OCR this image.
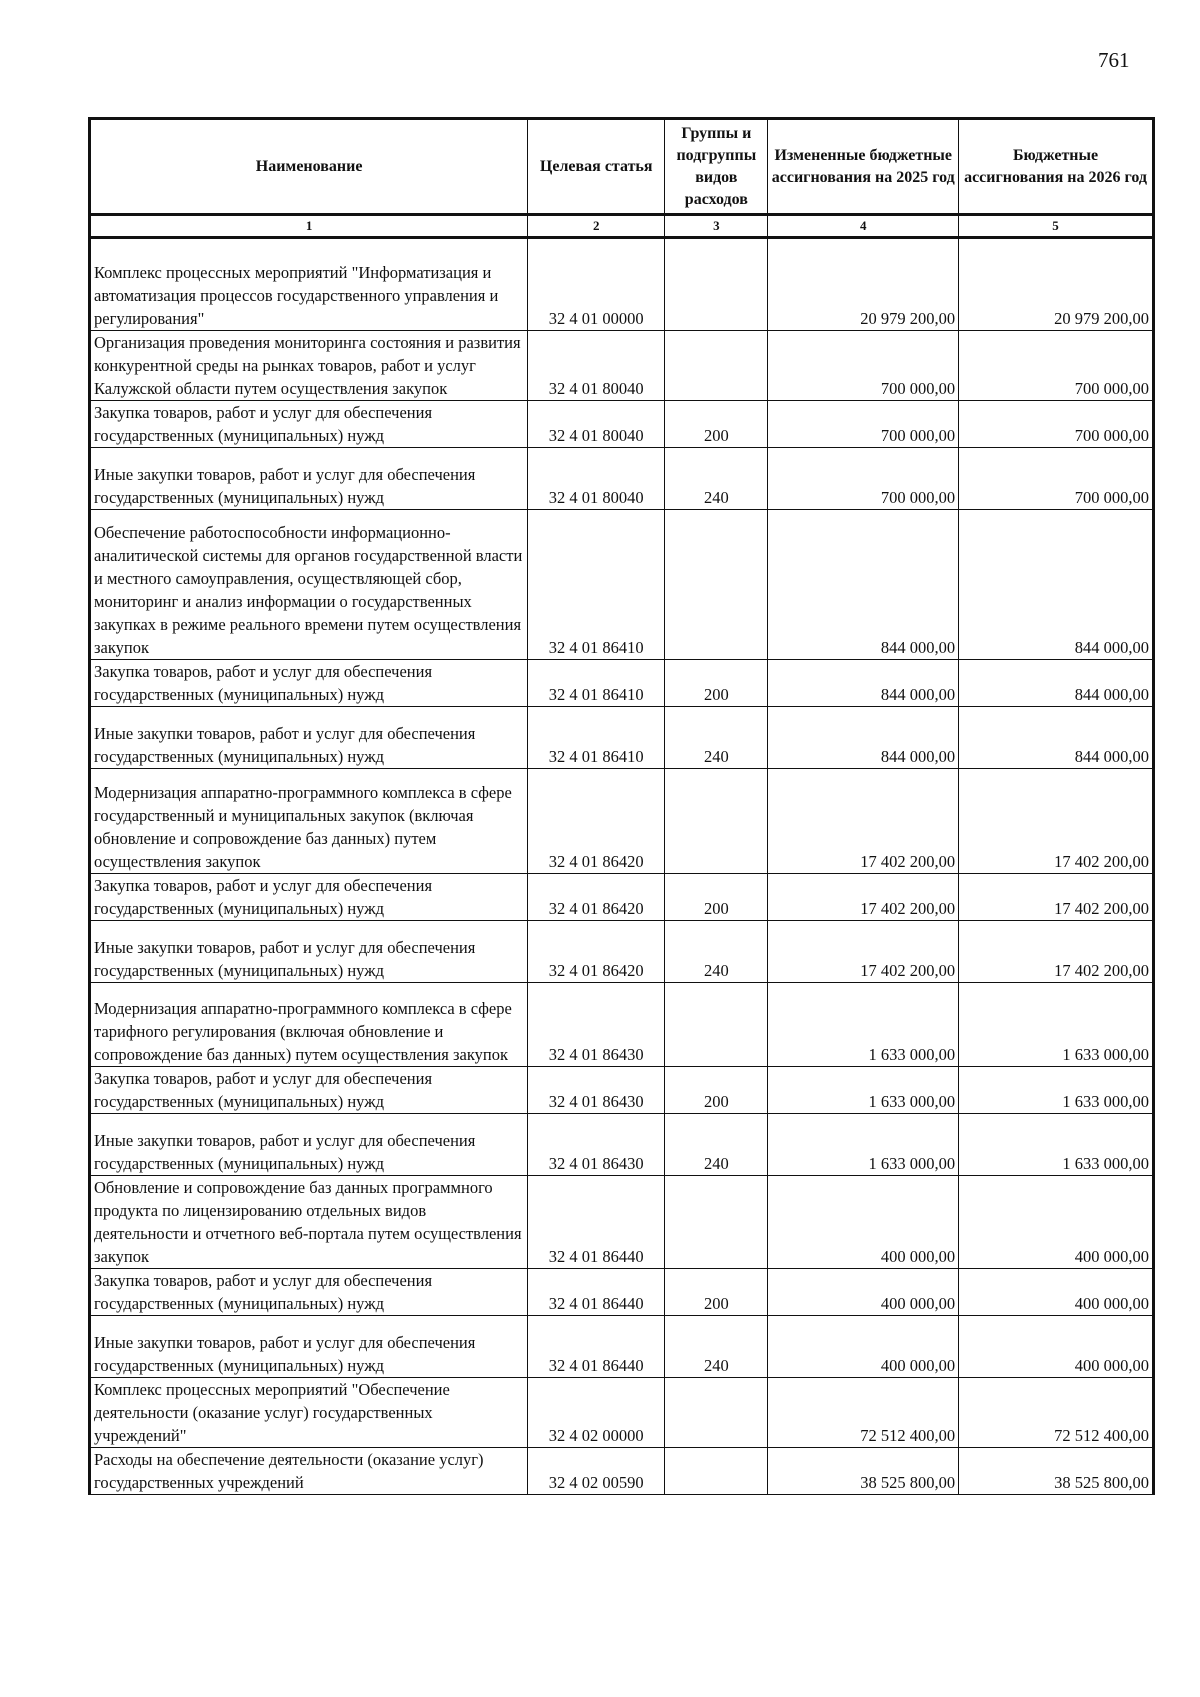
761
Наименование	Целевая статья	Группы и подгруппы видов расходов	Измененные бюджетные ассигнования на 2025 год	Бюджетные ассигнования на 2026 год
1	2	3	4	5
Комплекс процессных мероприятий "Информатизация и автоматизация процессов государственного управления и регулирования"	32 4 01 00000		20 979 200,00	20 979 200,00
Организация проведения мониторинга состояния и развития конкурентной среды на рынках товаров, работ и услуг Калужской области путем осуществления закупок	32 4 01 80040		700 000,00	700 000,00
Закупка товаров, работ и услуг для обеспечения государственных (муниципальных) нужд	32 4 01 80040	200	700 000,00	700 000,00
Иные закупки товаров, работ и услуг для обеспечения государственных (муниципальных) нужд	32 4 01 80040	240	700 000,00	700 000,00
Обеспечение работоспособности информационно-аналитической системы для органов государственной власти и местного самоуправления, осуществляющей сбор, мониторинг и анализ информации о государственных закупках в режиме реального времени путем осуществления закупок	32 4 01 86410		844 000,00	844 000,00
Закупка товаров, работ и услуг для обеспечения государственных (муниципальных) нужд	32 4 01 86410	200	844 000,00	844 000,00
Иные закупки товаров, работ и услуг для обеспечения государственных (муниципальных) нужд	32 4 01 86410	240	844 000,00	844 000,00
Модернизация аппаратно-программного комплекса в сфере государственный и муниципальных закупок (включая обновление и сопровождение баз данных) путем осуществления закупок	32 4 01 86420		17 402 200,00	17 402 200,00
Закупка товаров, работ и услуг для обеспечения государственных (муниципальных) нужд	32 4 01 86420	200	17 402 200,00	17 402 200,00
Иные закупки товаров, работ и услуг для обеспечения государственных (муниципальных) нужд	32 4 01 86420	240	17 402 200,00	17 402 200,00
Модернизация аппаратно-программного комплекса в сфере тарифного регулирования (включая обновление и сопровождение баз данных) путем осуществления закупок	32 4 01 86430		1 633 000,00	1 633 000,00
Закупка товаров, работ и услуг для обеспечения государственных (муниципальных) нужд	32 4 01 86430	200	1 633 000,00	1 633 000,00
Иные закупки товаров, работ и услуг для обеспечения государственных (муниципальных) нужд	32 4 01 86430	240	1 633 000,00	1 633 000,00
Обновление и сопровождение баз данных программного продукта по лицензированию отдельных видов деятельности и отчетного веб-портала путем осуществления закупок	32 4 01 86440		400 000,00	400 000,00
Закупка товаров, работ и услуг для обеспечения государственных (муниципальных) нужд	32 4 01 86440	200	400 000,00	400 000,00
Иные закупки товаров, работ и услуг для обеспечения государственных (муниципальных) нужд	32 4 01 86440	240	400 000,00	400 000,00
Комплекс процессных мероприятий "Обеспечение деятельности (оказание услуг) государственных учреждений"	32 4 02 00000		72 512 400,00	72 512 400,00
Расходы на обеспечение деятельности (оказание услуг) государственных учреждений	32 4 02 00590		38 525 800,00	38 525 800,00
